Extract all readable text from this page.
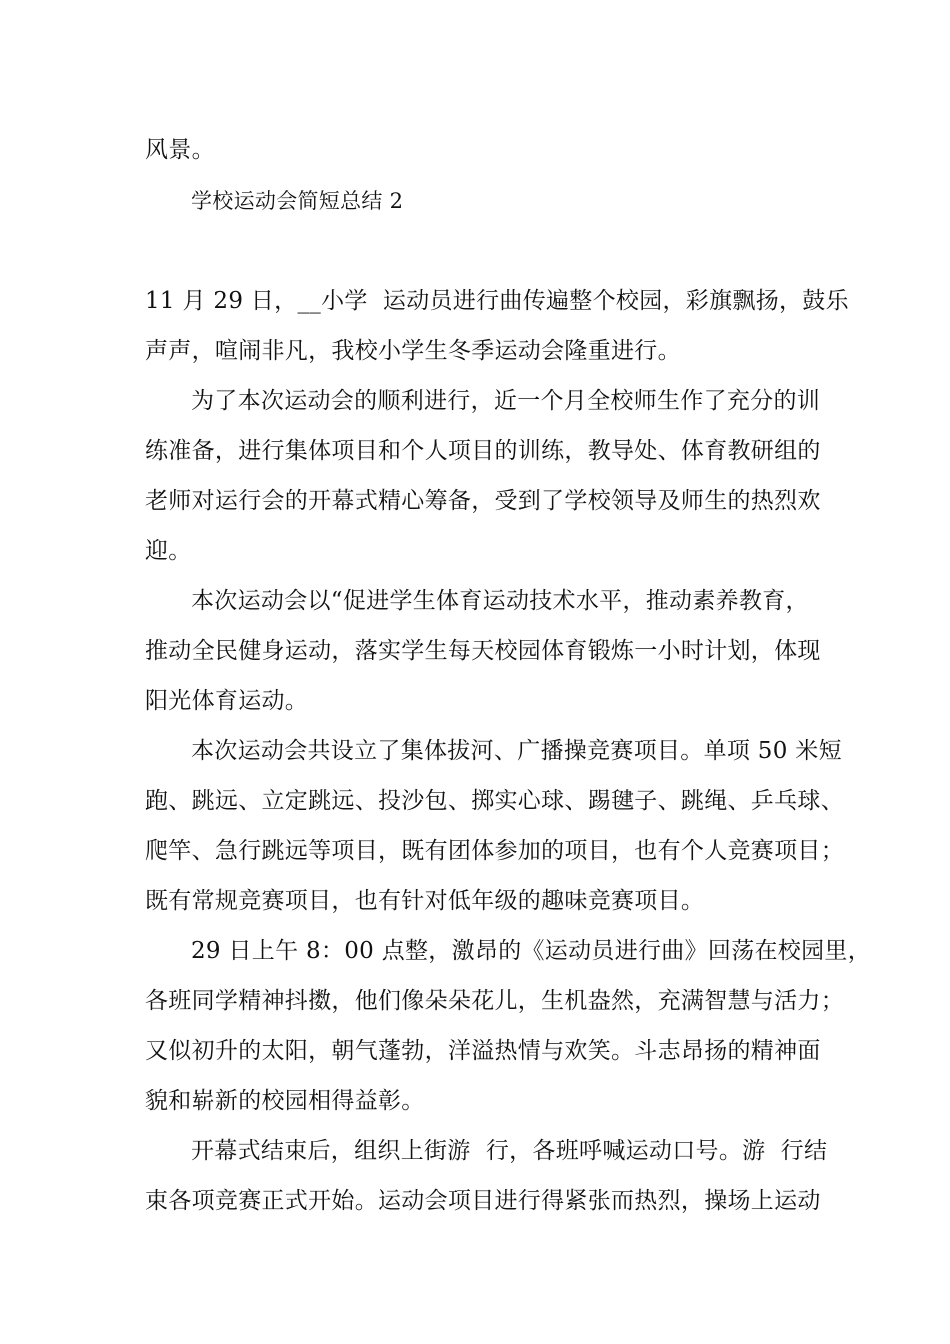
风景。
学校运动会简短总结 2
11 月 29 日，__小学  运动员进行曲传遍整个校园，彩旗飘扬，鼓乐
声声，喧闹非凡，我校小学生冬季运动会隆重进行。
为了本次运动会的顺利进行，近一个月全校师生作了充分的训
练准备，进行集体项目和个人项目的训练，教导处、体育教研组的
老师对运行会的开幕式精心筹备，受到了学校领导及师生的热烈欢
迎。
本次运动会以“促进学生体育运动技术水平，推动素养教育，
推动全民健身运动，落实学生每天校园体育锻炼一小时计划，体现
阳光体育运动。
本次运动会共设立了集体拔河、广播操竞赛项目。单项 50 米短
跑、跳远、立定跳远、投沙包、掷实心球、踢毽子、跳绳、乒乓球、
爬竿、急行跳远等项目，既有团体参加的项目，也有个人竞赛项目；
既有常规竞赛项目，也有针对低年级的趣味竞赛项目。
29 日上午 8：00 点整，激昂的《运动员进行曲》回荡在校园里，
各班同学精神抖擞，他们像朵朵花儿，生机盎然，充满智慧与活力；
又似初升的太阳，朝气蓬勃，洋溢热情与欢笑。斗志昂扬的精神面
貌和崭新的校园相得益彰。
开幕式结束后，组织上街游  行，各班呼喊运动口号。游  行结
束各项竞赛正式开始。运动会项目进行得紧张而热烈，操场上运动
